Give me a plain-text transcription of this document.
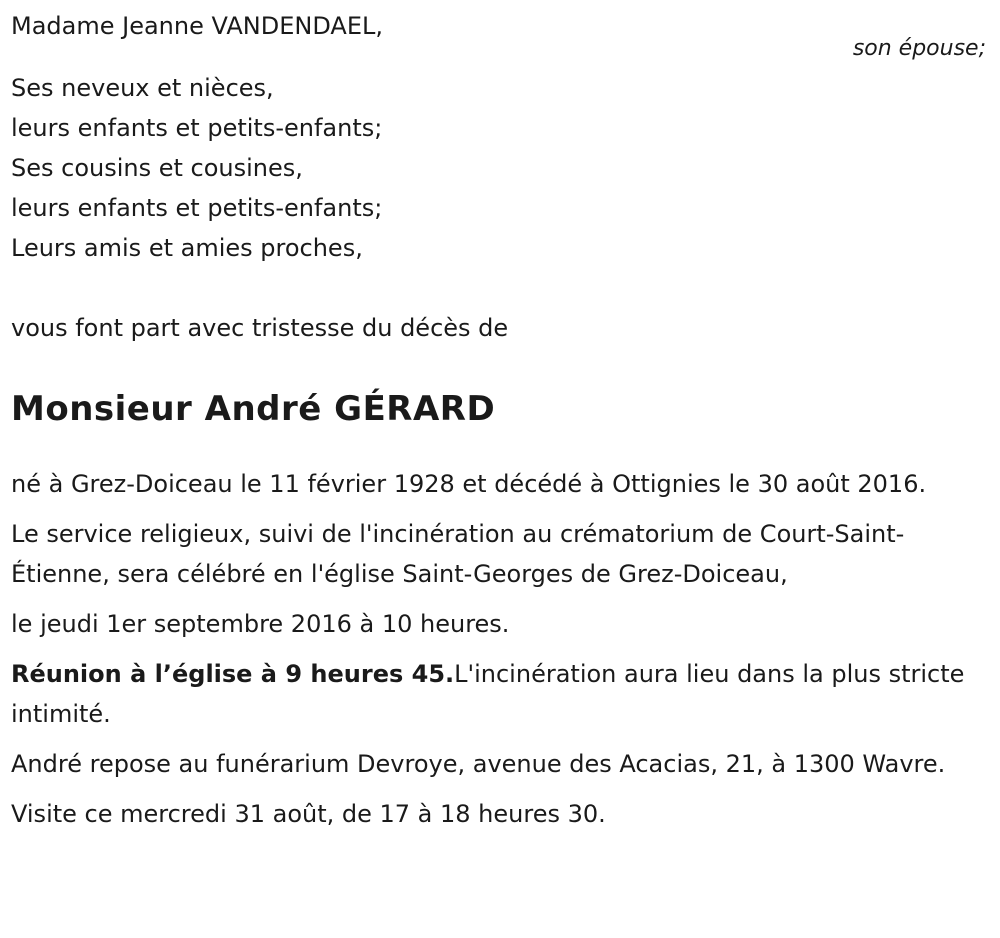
Madame Jeanne VANDENDAEL,

son épouse;

Ses neveux et nièces,

leurs enfants et petits-enfants;

Ses cousins et cousines,

leurs enfants et petits-enfants;

Leurs amis et amies proches,

vous font part avec tristesse du décès de

Monsieur André GÉRARD

né à Grez-Doiceau le 11 février 1928 et décédé à Ottignies le 30 août 2016.

Le service religieux, suivi de l'incinération au crématorium de Court-Saint-Étienne, sera célébré en l'église Saint-Georges de Grez-Doiceau,

le jeudi 1er septembre 2016 à 10 heures.

Réunion à l’église à 9 heures 45.L'incinération aura lieu dans la plus stricte intimité.

André repose au funérarium Devroye, avenue des Acacias, 21, à 1300 Wavre.

Visite ce mercredi 31 août, de 17 à 18 heures 30.
